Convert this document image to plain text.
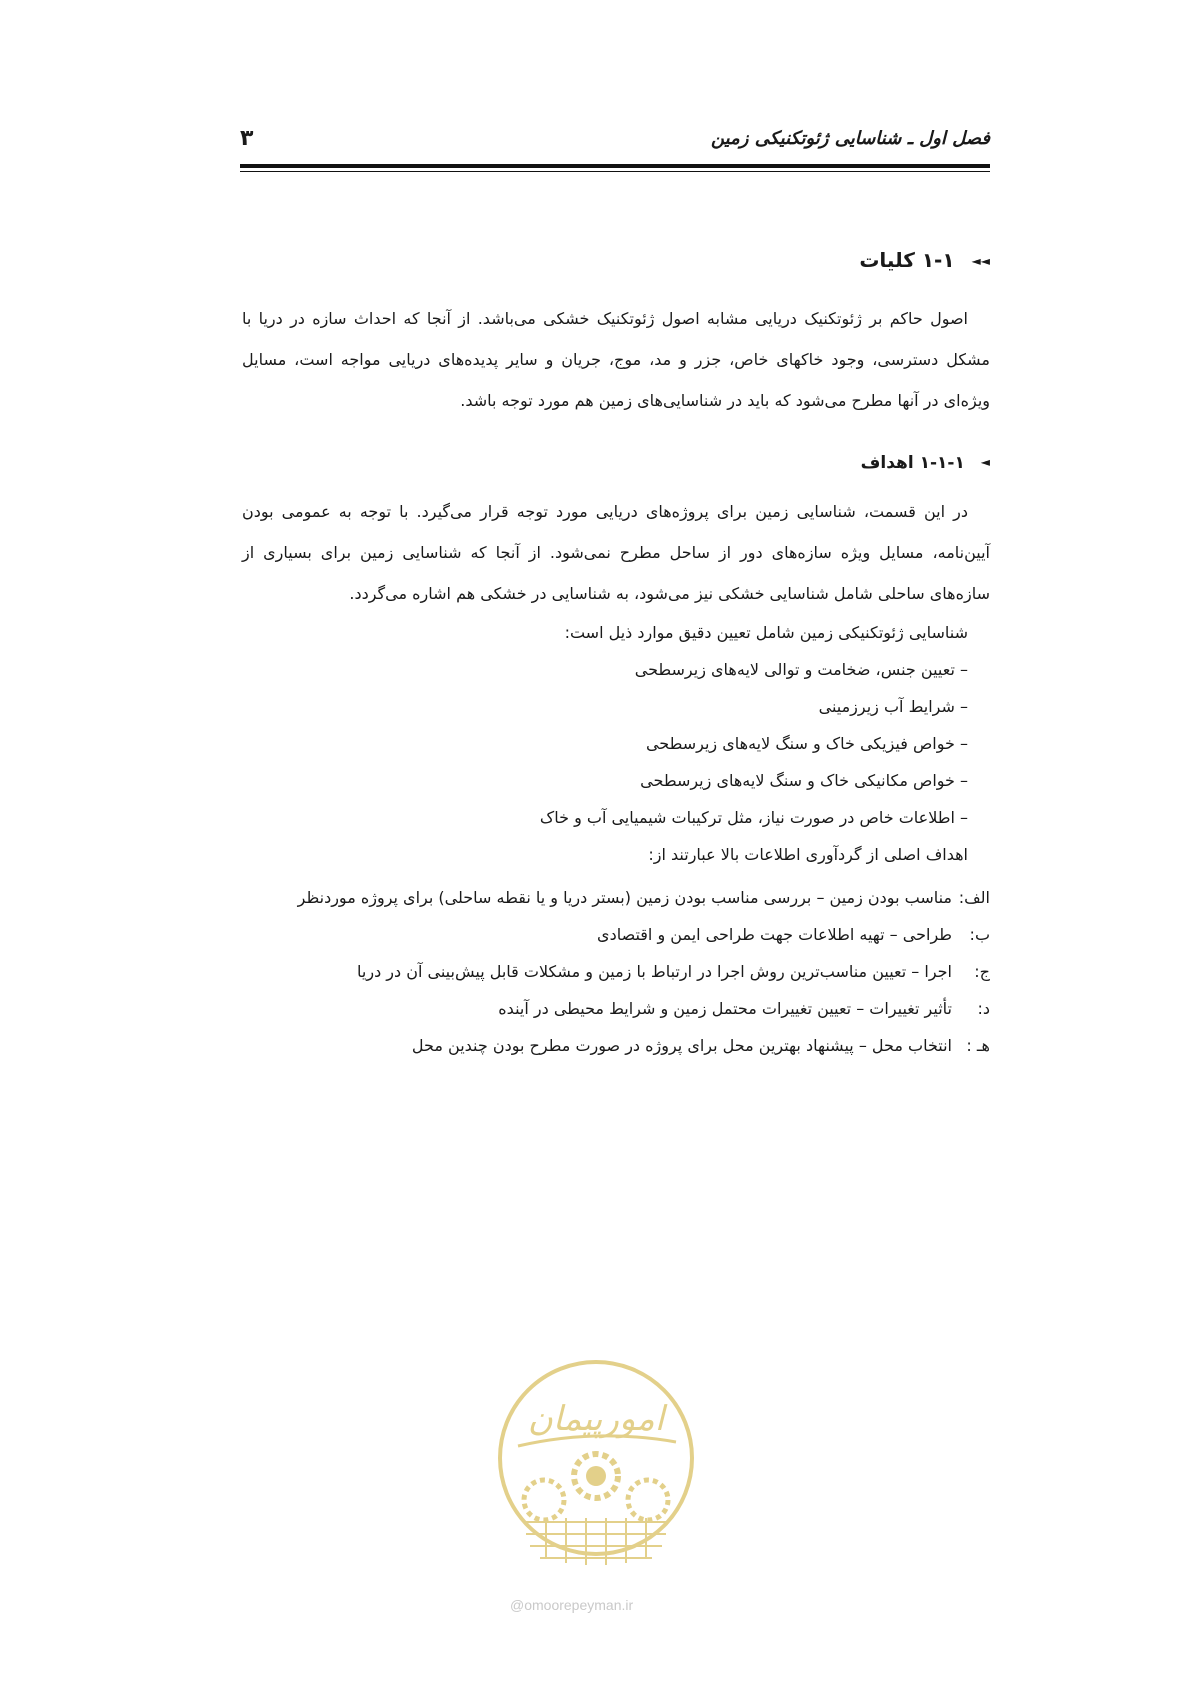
فصل اول ـ شناسایی ژئوتکنیکی زمین
۳
◄◄ ۱-۱ کلیات

اصول حاکم بر ژئوتکنیک دریایی مشابه اصول ژئوتکنیک خشکی می‌باشد. از آنجا که احداث سازه در دریا با مشکل دسترسی، وجود خاکهای خاص، جزر و مد، موج، جریان و سایر پدیده‌های دریایی مواجه است، مسایل ویژه‌ای در آنها مطرح می‌شود که باید در شناسایی‌های زمین هم مورد توجه باشد.

◄ ۱-۱-۱ اهداف

در این قسمت، شناسایی زمین برای پروژه‌های دریایی مورد توجه قرار می‌گیرد. با توجه به عمومی بودن آیین‌نامه، مسایل ویژه سازه‌های دور از ساحل مطرح نمی‌شود. از آنجا که شناسایی زمین برای بسیاری از سازه‌های ساحلی شامل شناسایی خشکی نیز می‌شود، به شناسایی در خشکی هم اشاره می‌گردد.

شناسایی ژئوتکنیکی زمین شامل تعیین دقیق موارد ذیل است:

– تعیین جنس، ضخامت و توالی لایه‌های زیرسطحی
– شرایط آب زیرزمینی
– خواص فیزیکی خاک و سنگ لایه‌های زیرسطحی
– خواص مکانیکی خاک و سنگ لایه‌های زیرسطحی
– اطلاعات خاص در صورت نیاز، مثل ترکیبات شیمیایی آب و خاک

اهداف اصلی از گردآوری اطلاعات بالا عبارتند از:

الف:مناسب بودن زمین – بررسی مناسب بودن زمین (بستر دریا و یا نقطه ساحلی) برای پروژه موردنظر
ب:طراحی – تهیه اطلاعات جهت طراحی ایمن و اقتصادی
ج:اجرا – تعیین مناسب‌ترین روش اجرا در ارتباط با زمین و مشکلات قابل پیش‌بینی آن در دریا
د:تأثیر تغییرات – تعیین تغییرات محتمل زمین و شرایط محیطی در آینده
هـ :انتخاب محل – پیشنهاد بهترین محل برای پروژه در صورت مطرح بودن چندین محل
امورپیمان
@omoorepeyman.ir
